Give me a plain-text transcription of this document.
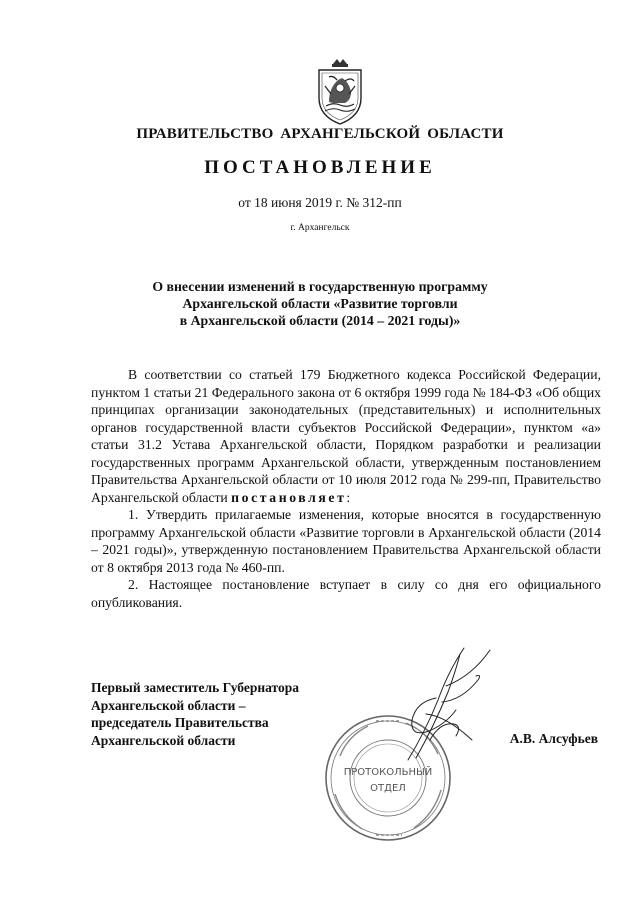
ПРАВИТЕЛЬСТВО АРХАНГЕЛЬСКОЙ ОБЛАСТИ
ПОСТАНОВЛЕНИЕ
от 18 июня 2019 г. № 312-пп
г. Архангельск
О внесении изменений в государственную программу
Архангельской области «Развитие торговли
в Архангельской области (2014 – 2021 годы)»

В соответствии со статьей 179 Бюджетного кодекса Российской Федерации, пунктом 1 статьи 21 Федерального закона от 6 октября 1999 года № 184-ФЗ «Об общих принципах организации законодательных (представительных) и исполнительных органов государственной власти субъектов Российской Федерации», пунктом «а» статьи 31.2 Устава Архангельской области, Порядком разработки и реализации государственных программ Архангельской области, утвержденным постановлением Правительства Архангельской области от 10 июля 2012 года № 299-пп, Правительство Архангельской области постановляет:

1. Утвердить прилагаемые изменения, которые вносятся в государственную программу Архангельской области «Развитие торговли в Архангельской области (2014 – 2021 годы)», утвержденную постановлением Правительства Архангельской области от 8 октября 2013 года № 460-пп.

2. Настоящее постановление вступает в силу со дня его официального опубликования.

Первый заместитель Губернатора
Архангельской области –
председатель Правительства
Архангельской области	А.В. Алсуфьев
ПРОТОКОЛЬНЫЙ
ОТДЕЛ
